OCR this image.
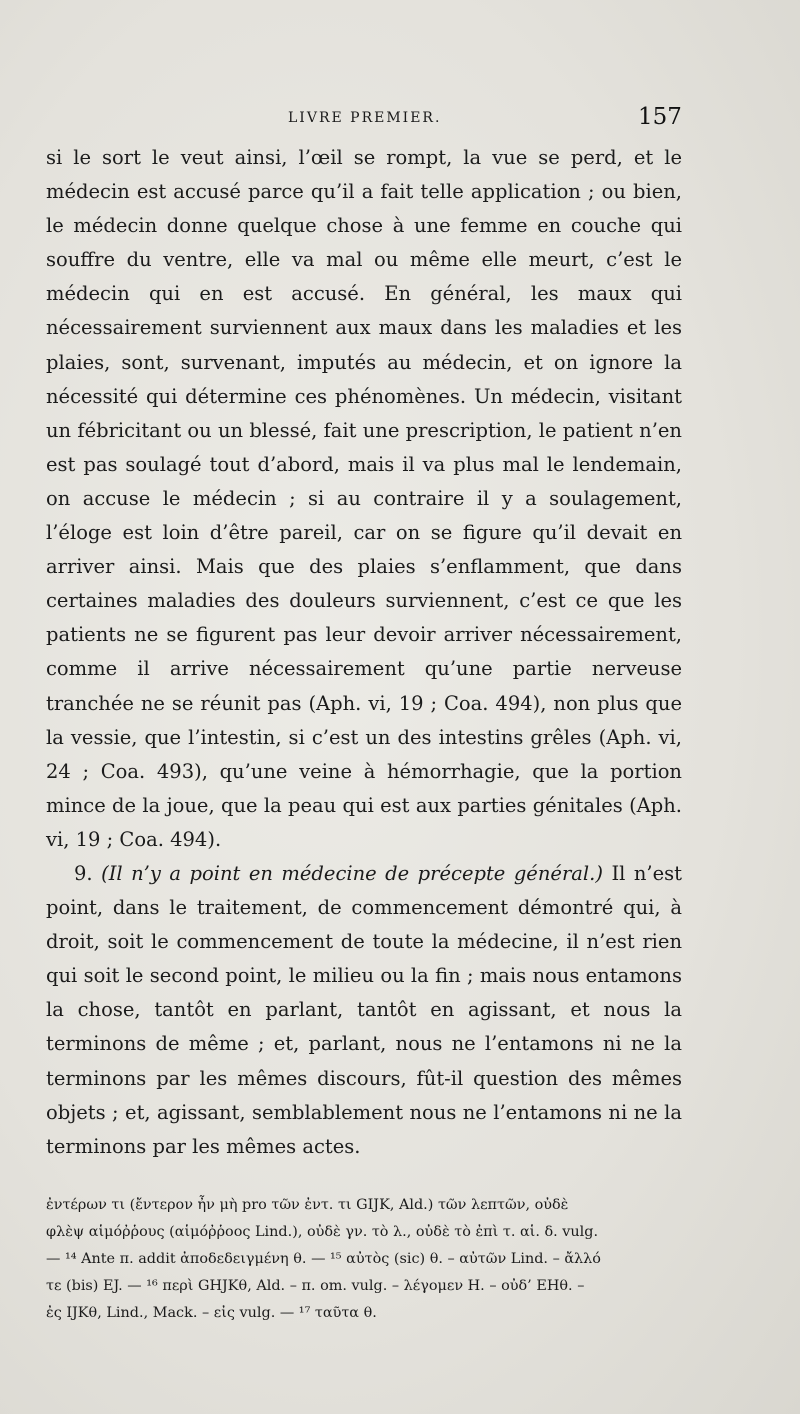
LIVRE PREMIER.	157

si le sort le veut ainsi, l’œil se rompt, la vue se perd, et le médecin est accusé parce qu’il a fait telle application ; ou bien, le médecin donne quelque chose à une femme en couche qui souffre du ventre, elle va mal ou même elle meurt, c’est le médecin qui en est accusé. En général, les maux qui nécessairement surviennent aux maux dans les maladies et les plaies, sont, survenant, imputés au médecin, et on ignore la nécessité qui détermine ces phénomènes. Un médecin, visitant un fébricitant ou un blessé, fait une prescription, le patient n’en est pas soulagé tout d’abord, mais il va plus mal le lendemain, on accuse le médecin ; si au contraire il y a soulagement, l’éloge est loin d’être pareil, car on se figure qu’il devait en arriver ainsi. Mais que des plaies s’enflamment, que dans certaines maladies des douleurs surviennent, c’est ce que les patients ne se figurent pas leur devoir arriver nécessairement, comme il arrive nécessairement qu’une partie nerveuse tranchée ne se réunit pas (Aph. vi, 19 ; Coa. 494), non plus que la vessie, que l’intestin, si c’est un des intestins grêles (Aph. vi, 24 ; Coa. 493), qu’une veine à hémorrhagie, que la portion mince de la joue, que la peau qui est aux parties génitales (Aph. vi, 19 ; Coa. 494).

9. (Il n’y a point en médecine de précepte général.) Il n’est point, dans le traitement, de commencement démontré qui, à droit, soit le commencement de toute la médecine, il n’est rien qui soit le second point, le milieu ou la fin ; mais nous entamons la chose, tantôt en parlant, tantôt en agissant, et nous la terminons de même ; et, parlant, nous ne l’entamons ni ne la terminons par les mêmes discours, fût-il question des mêmes objets ; et, agissant, semblablement nous ne l’entamons ni ne la terminons par les mêmes actes.

ἐντέρων τι (ἔντερον ἦν μὴ pro τῶν ἐντ. τι GIJK, Ald.) τῶν λεπτῶν, οὐδὲ
φλὲψ αἱμόῤῥους (αἱμόῤῥοος Lind.), οὐδὲ γν. τὸ λ., οὐδὲ τὸ ἐπὶ τ. αἱ. δ. vulg.
— ¹⁴ Ante π. addit ἀποδεδειγμένη θ. — ¹⁵ αὐτὸς (sic) θ. – αὐτῶν Lind. – ἄλλό
τε (bis) EJ. — ¹⁶ περὶ GHJKθ, Ald. – π. om. vulg. – λέγομεν H. – οὐδ’ EHθ. –
ἐς IJKθ, Lind., Mack. – εἰς vulg. — ¹⁷ ταῦτα θ.
